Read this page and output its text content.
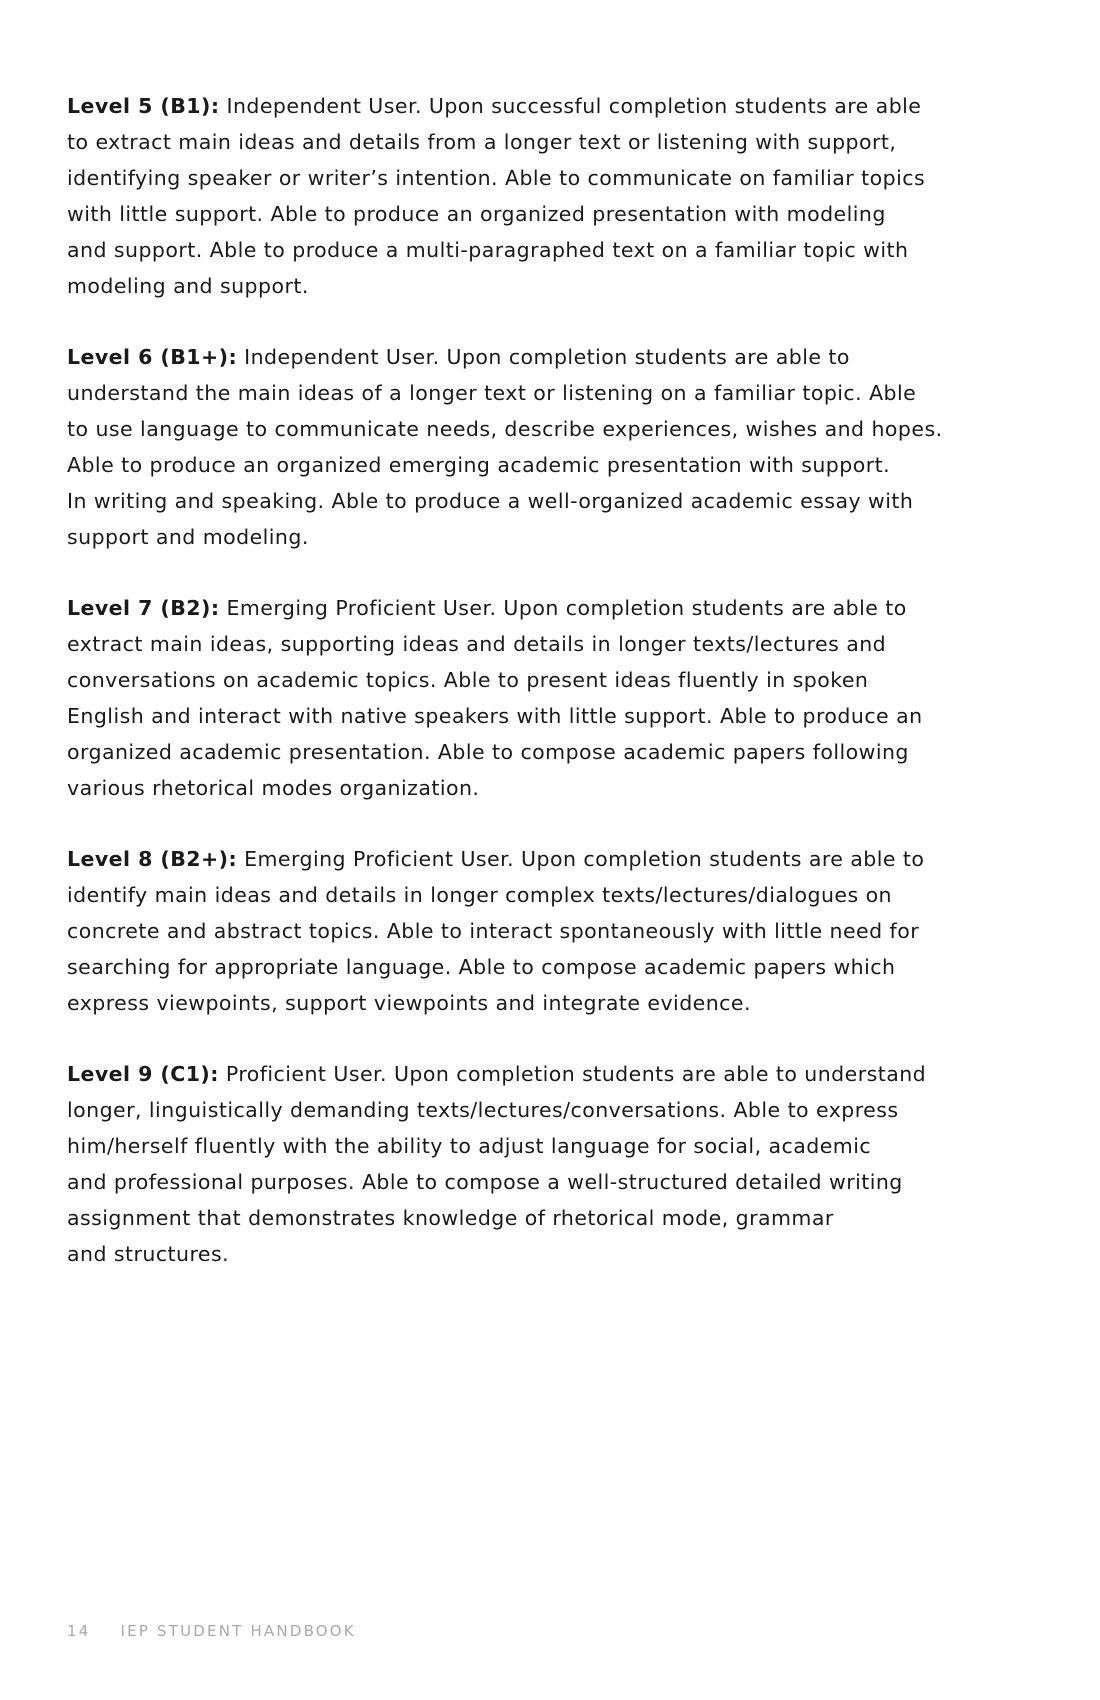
Level 5 (B1): Independent User. Upon successful completion students are able
to extract main ideas and details from a longer text or listening with support,
identifying speaker or writer’s intention. Able to communicate on familiar topics
with little support. Able to produce an organized presentation with modeling
and support. Able to produce a multi-paragraphed text on a familiar topic with
modeling and support.
Level 6 (B1+): Independent User. Upon completion students are able to
understand the main ideas of a longer text or listening on a familiar topic. Able
to use language to communicate needs, describe experiences, wishes and hopes.
Able to produce an organized emerging academic presentation with support.
In writing and speaking. Able to produce a well-organized academic essay with
support and modeling.
Level 7 (B2): Emerging Proficient User. Upon completion students are able to
extract main ideas, supporting ideas and details in longer texts/lectures and
conversations on academic topics. Able to present ideas fluently in spoken
English and interact with native speakers with little support. Able to produce an
organized academic presentation. Able to compose academic papers following
various rhetorical modes organization.
Level 8 (B2+): Emerging Proficient User. Upon completion students are able to
identify main ideas and details in longer complex texts/lectures/dialogues on
concrete and abstract topics. Able to interact spontaneously with little need for
searching for appropriate language. Able to compose academic papers which
express viewpoints, support viewpoints and integrate evidence.
Level 9 (C1): Proficient User. Upon completion students are able to understand
longer, linguistically demanding texts/lectures/conversations. Able to express
him/herself fluently with the ability to adjust language for social, academic
and professional purposes. Able to compose a well-structured detailed writing
assignment that demonstrates knowledge of rhetorical mode, grammar
and structures.
14 IEP STUDENT HANDBOOK
